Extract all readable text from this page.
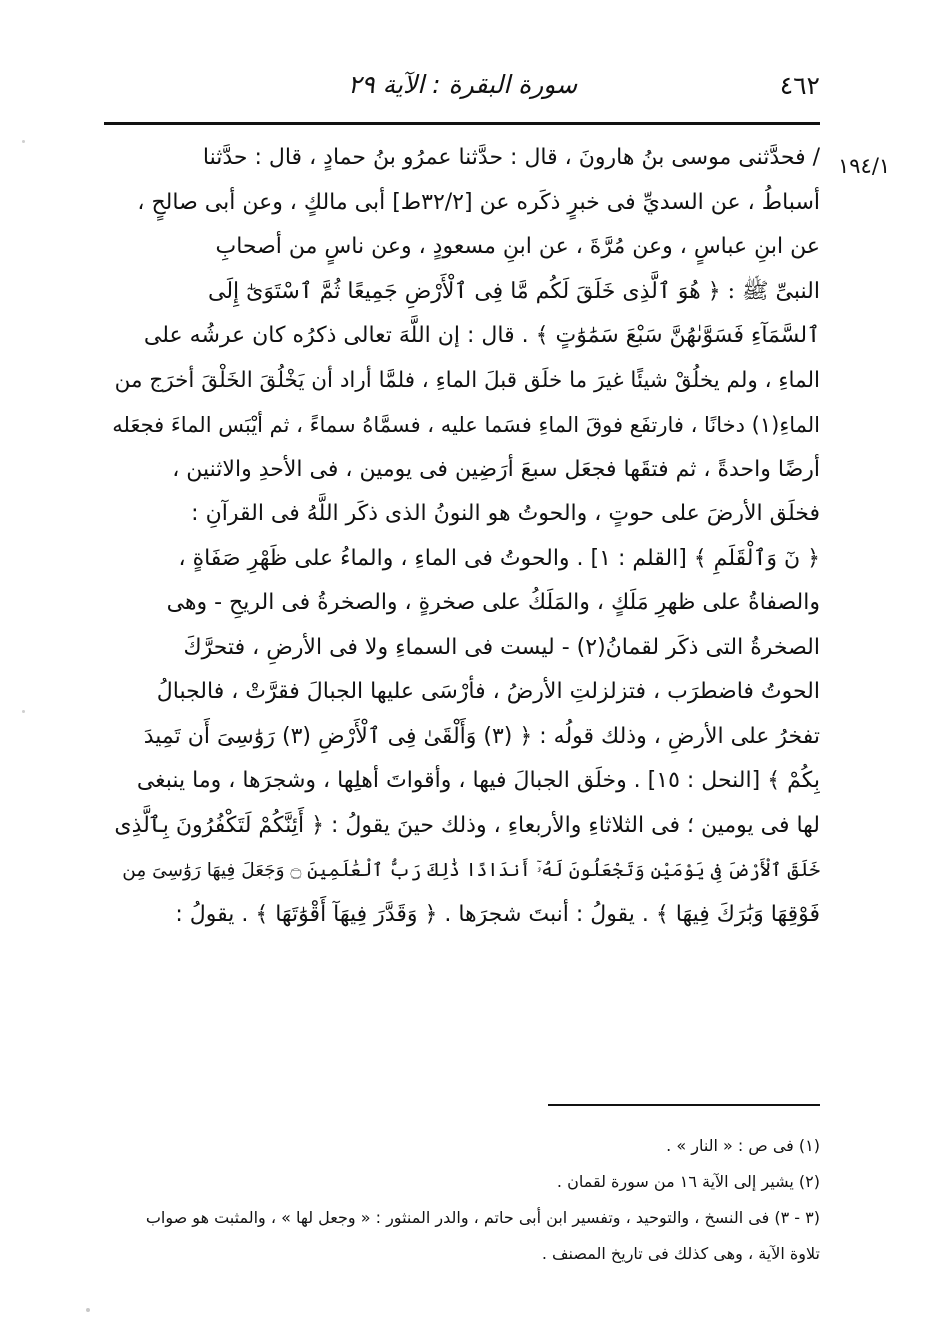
٤٦٢
سورة البقرة : الآية ٢٩
١٩٤/١
/ فحدَّثنى موسى بنُ هارونَ ، قال : حدَّثنا عمرُو بنُ حمادٍ ، قال : حدَّثنا
أسباطُ ، عن السديِّ فى خبرٍ ذكَره عن [٣٢/٢ط] أبى مالكٍ ، وعن أبى صالحٍ ،
عن ابنِ عباسٍ ، وعن مُرَّةَ ، عن ابنِ مسعودٍ ، وعن ناسٍ من أصحابِ
النبىِّ ﷺ : ﴿ هُوَ ٱلَّذِى خَلَقَ لَكُم مَّا فِى ٱلْأَرْضِ جَمِيعًا ثُمَّ ٱسْتَوَىٰٓ إِلَى
ٱلسَّمَآءِ فَسَوَّىٰهُنَّ سَبْعَ سَمَٰوَٰتٍ ﴾ . قال : إن اللَّهَ تعالى ذكرُه كان عرشُه على
الماءِ ، ولم يخلُقْ شيئًا غيرَ ما خلَق قبلَ الماءِ ، فلمَّا أراد أن يَخْلُقَ الخَلْقَ أخرَج من
الماءِ(١) دخانًا ، فارتفَع فوقَ الماءِ فسَما عليه ، فسمَّاهُ سماءً ، ثم أيْبَس الماءَ فجعَله
أرضًا واحدةً ، ثم فتقَها فجعَل سبعَ أرَضِين فى يومين ، فى الأحدِ والاثنين ،
فخلَق الأرضَ على حوتٍ ، والحوتُ هو النونُ الذى ذكَر اللَّهُ فى القرآنِ :
﴿ نٓ وَٱلْقَلَمِ ﴾ [القلم : ١] . والحوتُ فى الماءِ ، والماءُ على ظَهْرِ صَفَاةٍ ،
والصفاةُ على ظهرِ مَلَكٍ ، والمَلَكُ على صخرةٍ ، والصخرةُ فى الريحِ - وهى
الصخرةُ التى ذكَر لقمانُ(٢) - ليست فى السماءِ ولا فى الأرضِ ، فتحرَّكَ
الحوتُ فاضطرَب ، فتزلزلتِ الأرضُ ، فأرْسَى عليها الجبالَ فقرَّتْ ، فالجبالُ
تفخرُ على الأرضِ ، وذلك قولُه : ﴿ (٣) وَأَلْقَىٰ فِى ٱلْأَرْضِ (٣) رَوَٰسِىَ أَن تَمِيدَ
بِكُمْ ﴾ [النحل : ١٥] . وخلَق الجبالَ فيها ، وأقواتَ أهلِها ، وشجرَها ، وما ينبغى
لها فى يومين ؛ فى الثلاثاءِ والأربعاءِ ، وذلك حينَ يقولُ : ﴿ أَئِنَّكُمْ لَتَكْفُرُونَ بِٱلَّذِى
خَلَقَ ٱلْأَرْضَ فِى يَوْمَيْنِ وَتَجْعَلُونَ لَهُۥٓ أَندَادًا ذَٰلِكَ رَبُّ ٱلْعَٰلَمِينَ ۝ وَجَعَلَ فِيهَا رَوَٰسِىَ مِن
فَوْقِهَا وَبَٰرَكَ فِيهَا ﴾ . يقولُ : أنبتَ شجرَها . ﴿ وَقَدَّرَ فِيهَآ أَقْوَٰتَهَا ﴾ . يقولُ :
(١) فى ص : « النار » .
(٢) يشير إلى الآية ١٦ من سورة لقمان .
(٣ - ٣) فى النسخ ، والتوحيد ، وتفسير ابن أبى حاتم ، والدر المنثور : « وجعل لها » ، والمثبت هو صواب
تلاوة الآية ، وهى كذلك فى تاريخ المصنف .
